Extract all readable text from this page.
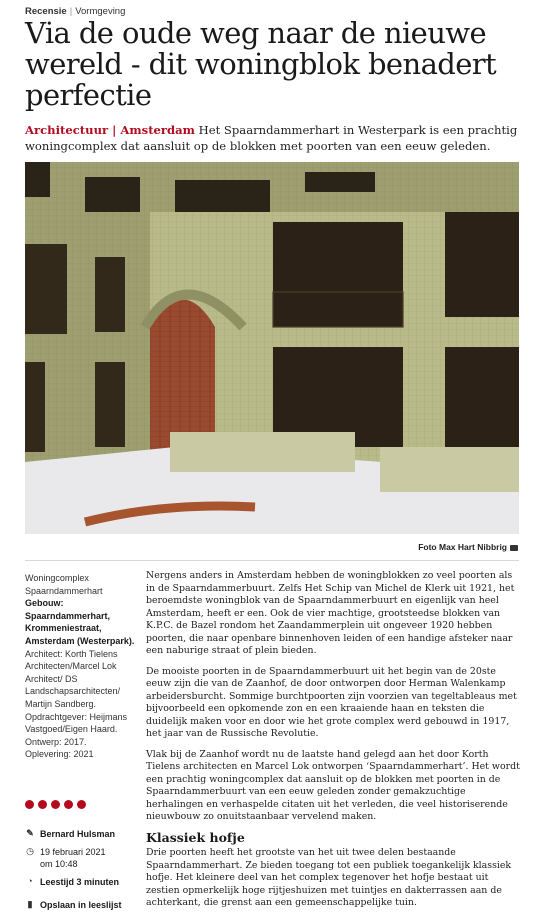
Recensie | Vormgeving
Via de oude weg naar de nieuwe wereld - dit woningblok benadert perfectie
Architectuur | Amsterdam Het Spaarndammerhart in Westerpark is een prachtig woningcomplex dat aansluit op de blokken met poorten van een eeuw geleden.
Foto Max Hart Nibbrig
Woningcomplex Spaarndammerhart
Gebouw:
Spaarndammerhart, Krommeniestraat, Amsterdam (Westerpark). Architect: Korth Tielens Architecten/Marcel Lok Architect/ DS Landschapsarchitecten/ Martijn Sandberg. Opdrachtgever: Heijmans Vastgoed/Eigen Haard. Ontwerp: 2017. Oplevering: 2021
✎ Bernard Hulsman
◷ 19 februari 2021 om 10:48
◔ Leestijd 3 minuten
▮ Opslaan in leeslijst

Nergens anders in Amsterdam hebben de woningblokken zo veel poorten als in de Spaarndammerbuurt. Zelfs Het Schip van Michel de Klerk uit 1921, het beroemdste woningblok van de Spaarndammerbuurt en eigenlijk van heel Amsterdam, heeft er een. Ook de vier machtige, grootsteedse blokken van K.P.C. de Bazel rondom het Zaandammerplein uit ongeveer 1920 hebben poorten, die naar openbare binnenhoven leiden of een handige afsteker naar een naburige straat of plein bieden.

De mooiste poorten in de Spaarndammerbuurt uit het begin van de 20ste eeuw zijn die van de Zaanhof, de door ontworpen door Herman Walenkamp arbeidersburcht. Sommige burchtpoorten zijn voorzien van tegeltableaus met bijvoorbeeld een opkomende zon en een kraaiende haan en teksten die duidelijk maken voor en door wie het grote complex werd gebouwd in 1917, het jaar van de Russische Revolutie.

Vlak bij de Zaanhof wordt nu de laatste hand gelegd aan het door Korth Tielens architecten en Marcel Lok ontworpen ‘Spaarndammerhart’. Het wordt een prachtig woningcomplex dat aansluit op de blokken met poorten in de Spaarndammerbuurt van een eeuw geleden zonder gemakzuchtige herhalingen en verhaspelde citaten uit het verleden, die veel historiserende nieuwbouw zo onuitstaanbaar vervelend maken.

Klassiek hofje

Drie poorten heeft het grootste van het uit twee delen bestaande Spaarndammerhart. Ze bieden toegang tot een publiek toegankelijk klassiek hofje. Het kleinere deel van het complex tegenover het hofje bestaat uit zestien opmerkelijk hoge rijtjeshuizen met tuintjes en dakterrassen aan de achterkant, die grenst aan een gemeenschappelijke tuin.
